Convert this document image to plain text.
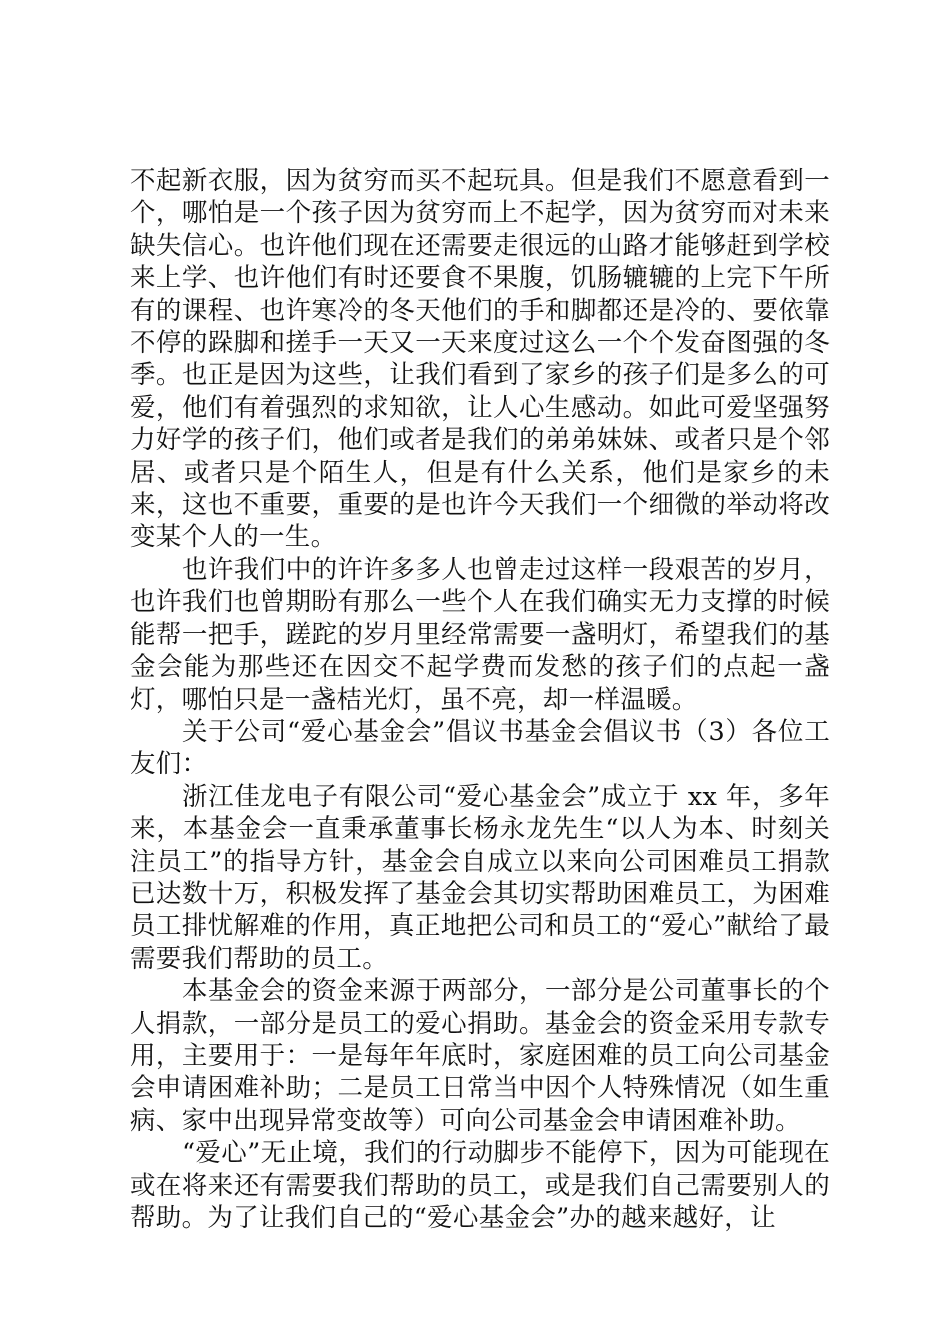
不起新衣服，因为贫穷而买不起玩具。但是我们不愿意看到一个，哪怕是一个孩子因为贫穷而上不起学，因为贫穷而对未来缺失信心。也许他们现在还需要走很远的山路才能够赶到学校来上学、也许他们有时还要食不果腹，饥肠辘辘的上完下午所有的课程、也许寒冷的冬天他们的手和脚都还是冷的、要依靠不停的跺脚和搓手一天又一天来度过这么一个个发奋图强的冬季。也正是因为这些，让我们看到了家乡的孩子们是多么的可爱，他们有着强烈的求知欲，让人心生感动。如此可爱坚强努力好学的孩子们，他们或者是我们的弟弟妹妹、或者只是个邻居、或者只是个陌生人，但是有什么关系，他们是家乡的未来，这也不重要，重要的是也许今天我们一个细微的举动将改变某个人的一生。

也许我们中的许许多多人也曾走过这样一段艰苦的岁月，也许我们也曾期盼有那么一些个人在我们确实无力支撑的时候能帮一把手，蹉跎的岁月里经常需要一盏明灯，希望我们的基金会能为那些还在因交不起学费而发愁的孩子们的点起一盏灯，哪怕只是一盏桔光灯，虽不亮，却一样温暖。

关于公司“爱心基金会”倡议书基金会倡议书（3）各位工友们：

浙江佳龙电子有限公司“爱心基金会”成立于 xx 年，多年来，本基金会一直秉承董事长杨永龙先生“以人为本、时刻关注员工”的指导方针，基金会自成立以来向公司困难员工捐款已达数十万，积极发挥了基金会其切实帮助困难员工，为困难员工排忧解难的作用，真正地把公司和员工的“爱心”献给了最需要我们帮助的员工。

本基金会的资金来源于两部分，一部分是公司董事长的个人捐款，一部分是员工的爱心捐助。基金会的资金采用专款专用，主要用于：一是每年年底时，家庭困难的员工向公司基金会申请困难补助；二是员工日常当中因个人特殊情况（如生重病、家中出现异常变故等）可向公司基金会申请困难补助。

“爱心”无止境，我们的行动脚步不能停下，因为可能现在或在将来还有需要我们帮助的员工，或是我们自己需要别人的帮助。为了让我们自己的“爱心基金会”办的越来越好，让
